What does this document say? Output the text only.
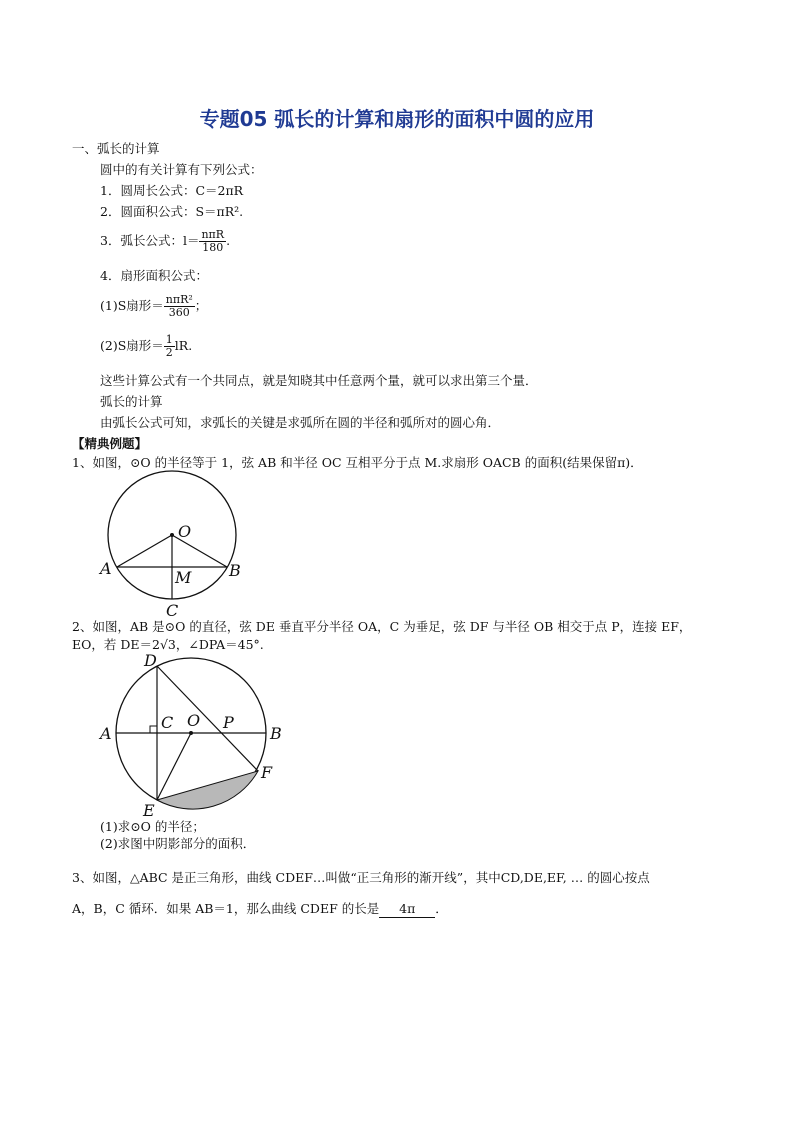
专题05 弧长的计算和扇形的面积中圆的应用
一、弧长的计算
圆中的有关计算有下列公式：
1．圆周长公式：C＝2πR
2．圆面积公式：S＝πR².
3．弧长公式：$l= \frac{\text{nπR}}{180}$ .
4．扇形面积公式：
(1)S扇形＝ $\frac{\text{nπR²}}{360}$ ；
(2)S扇形＝ $\frac{1}{2}$ lR.
这些计算公式有一个共同点，就是知晓其中任意两个量，就可以求出第三个量．
弧长的计算
由弧长公式可知，求弧长的关键是求弧所在圆的半径和弧所对的圆心角．
【精典例题】
1、如图，⊙O 的半径等于 1，弦 AB 和半径 OC 互相平分于点 M.求扇形 OACB 的面积(结果保留π)．
O
A	B
M
C
2、如图，AB 是⊙O 的直径，弦 DE 垂直平分半径 OA，C 为垂足，弦 DF 与半径 OB 相交于点 P，连接 EF，
EO，若 DE＝2√3，∠DPA＝45°.
D
A
C O P
B
F
E
(1)求⊙O 的半径；
(2)求图中阴影部分的面积．
3、如图，△ABC 是正三角形，曲线 CDEF…叫做“正三角形的渐开线”，其中CD,DE,EF, … 的圆心按点
A，B，C 循环．如果 AB＝1，那么曲线 CDEF 的长是 4π ．
